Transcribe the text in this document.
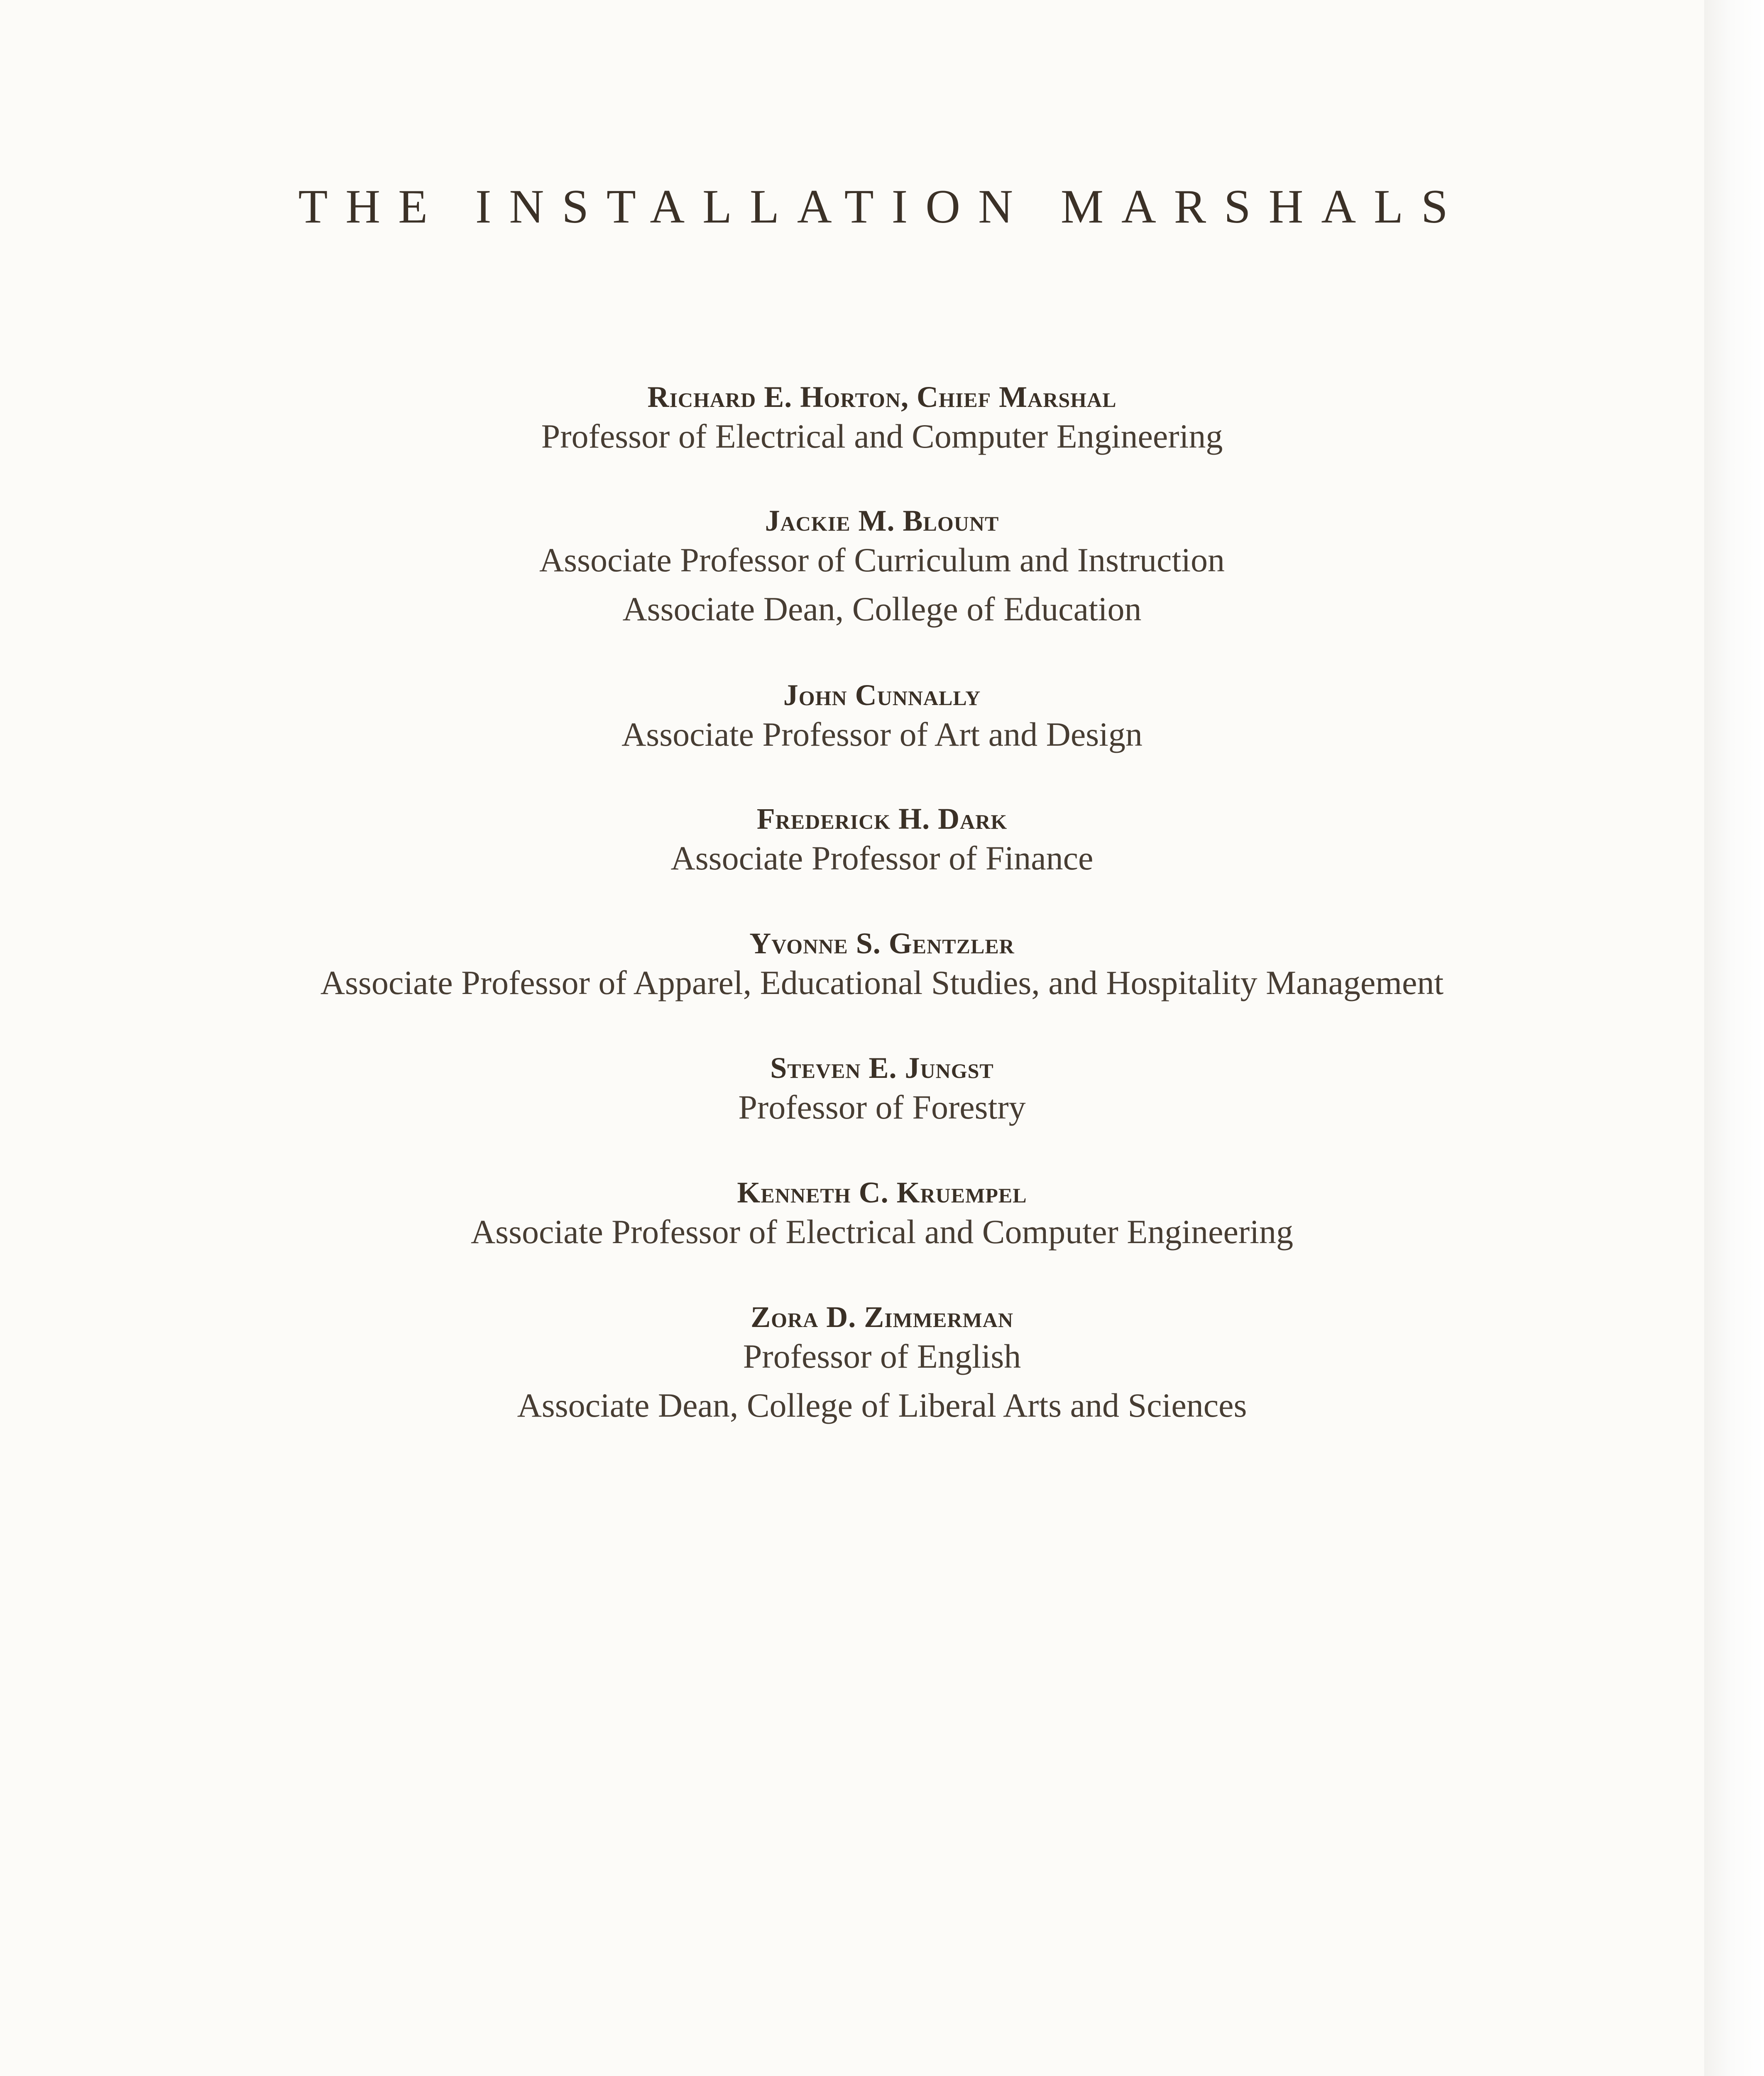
THE INSTALLATION MARSHALS
Richard E. Horton, Chief Marshal
Professor of Electrical and Computer Engineering
Jackie M. Blount
Associate Professor of Curriculum and Instruction
Associate Dean, College of Education
John Cunnally
Associate Professor of Art and Design
Frederick H. Dark
Associate Professor of Finance
Yvonne S. Gentzler
Associate Professor of Apparel, Educational Studies, and Hospitality Management
Steven E. Jungst
Professor of Forestry
Kenneth C. Kruempel
Associate Professor of Electrical and Computer Engineering
Zora D. Zimmerman
Professor of English
Associate Dean, College of Liberal Arts and Sciences
